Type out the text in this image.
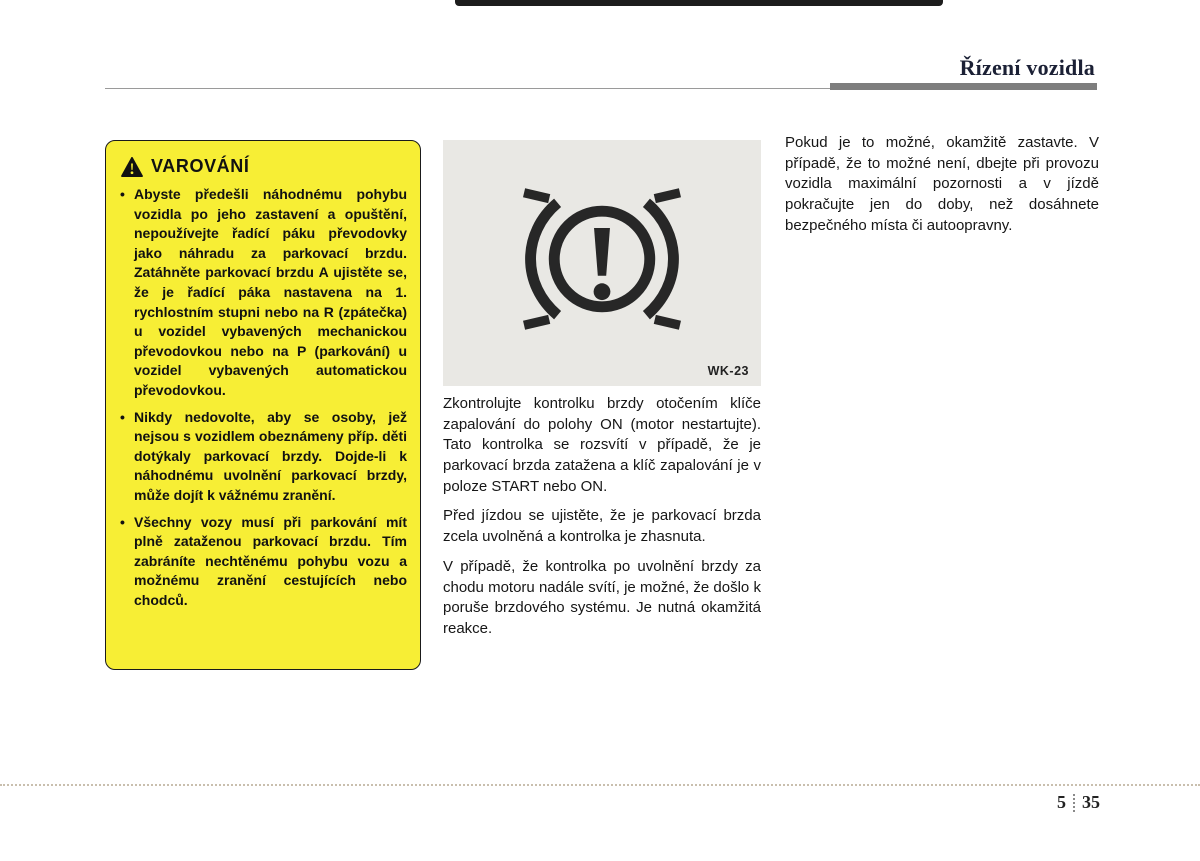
Řízení vozidla
VAROVÁNÍ
• Abyste předešli náhodnému pohybu vozidla po jeho zastavení a opuštění, nepoužívejte řadící páku převodovky jako náhradu za parkovací brzdu. Zatáhněte parkovací brzdu A ujistěte se, že je řadící páka nastavena na 1. rychlostním stupni nebo na R (zpátečka) u vozidel vybavených mechanickou převodovkou nebo na P (parkování) u vozidel vybavených automatickou převodovkou.
• Nikdy nedovolte, aby se osoby, jež nejsou s vozidlem obeznámeny příp. děti dotýkaly parkovací brzdy. Dojde-li k náhodnému uvolnění parkovací brzdy, může dojít k vážnému zranění.
• Všechny vozy musí při parkování mít plně zataženou parkovací brzdu. Tím zabráníte nechtěnému pohybu vozu a možnému zranění cestujících nebo chodců.
WK-23

Zkontrolujte kontrolku brzdy otočením klíče zapalování do polohy ON (motor nestartujte). Tato kontrolka se rozsvítí v případě, že je parkovací brzda zatažena a klíč zapalování je v poloze START nebo ON.

Před jízdou se ujistěte, že je parkovací brzda zcela uvolněná a kontrolka je zhasnuta.

V případě, že kontrolka po uvolnění brzdy za chodu motoru nadále svítí, je možné, že došlo k poruše brzdového systému. Je nutná okamžitá reakce.

Pokud je to možné, okamžitě zastavte. V případě, že to možné není, dbejte při provozu vozidla maximální pozornosti a v jízdě pokračujte jen do doby, než dosáhnete bezpečného místa či autoopravny.

5 35
